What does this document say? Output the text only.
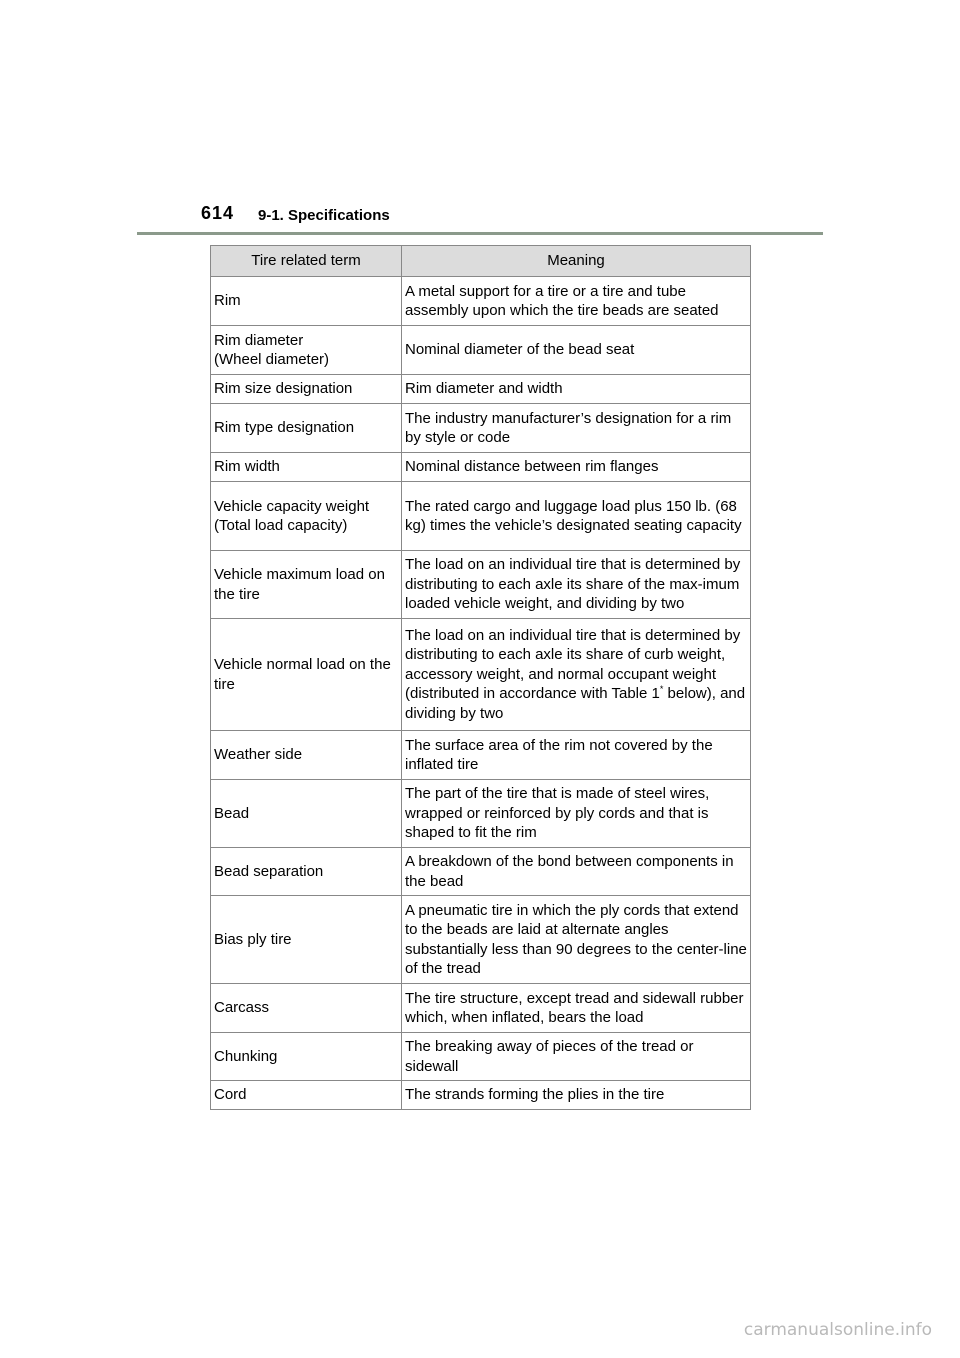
614 9-1. Specifications
Tire related term	Meaning
Rim	A metal support for a tire or a tire and tube assembly upon which the tire beads are seated
Rim diameter
(Wheel diameter)	Nominal diameter of the bead seat
Rim size designation	Rim diameter and width
Rim type designation	The industry manufacturer’s designation for a rim by style or code
Rim width	Nominal distance between rim flanges
Vehicle capacity weight
(Total load capacity)	The rated cargo and luggage load plus 150 lb. (68 kg) times the vehicle’s designated seating capacity
Vehicle maximum load on the tire	The load on an individual tire that is determined by distributing to each axle its share of the max-imum loaded vehicle weight, and dividing by two
Vehicle normal load on the tire	The load on an individual tire that is determined by distributing to each axle its share of curb weight, accessory weight, and normal occupant weight (distributed in accordance with Table 1* below), and dividing by two
Weather side	The surface area of the rim not covered by the inflated tire
Bead	The part of the tire that is made of steel wires, wrapped or reinforced by ply cords and that is shaped to fit the rim
Bead separation	A breakdown of the bond between components in the bead
Bias ply tire	A pneumatic tire in which the ply cords that extend to the beads are laid at alternate angles substantially less than 90 degrees to the center-line of the tread
Carcass	The tire structure, except tread and sidewall rubber which, when inflated, bears the load
Chunking	The breaking away of pieces of the tread or sidewall
Cord	The strands forming the plies in the tire
carmanualsonline.info
